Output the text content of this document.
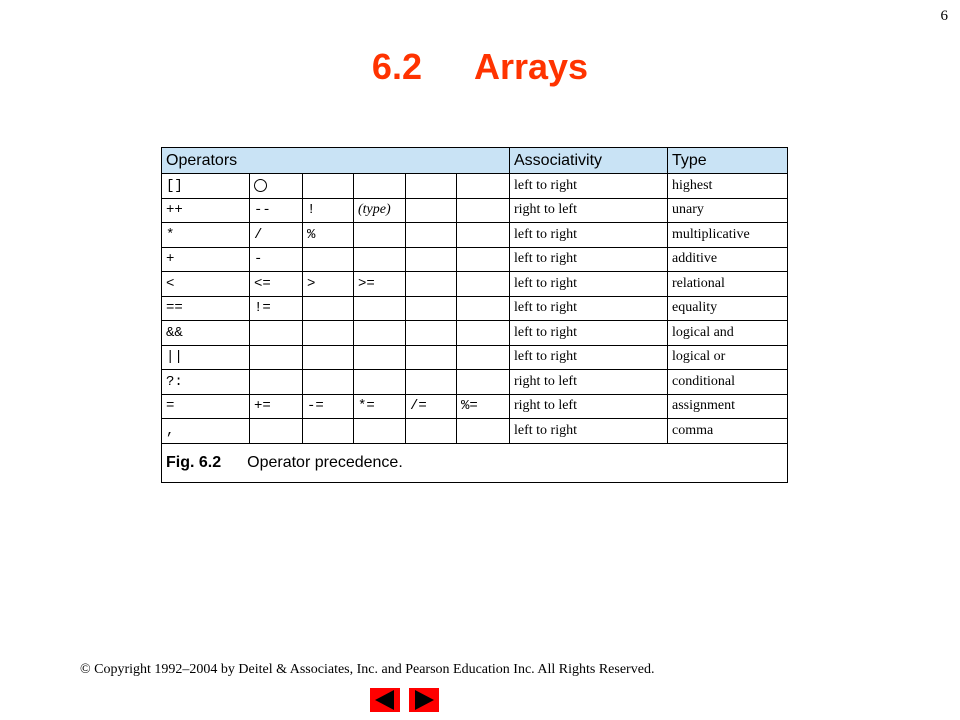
6
6.2 Arrays
Operators						Associativity	Type
[]						left to right	highest
++	--	!	(type)			right to left	unary
*	/	%				left to right	multiplicative
+	-					left to right	additive
<	<=	>	>=			left to right	relational
==	!=					left to right	equality
&&						left to right	logical and
||						left to right	logical or
?:						right to left	conditional
=	+=	-=	*=	/=	%=	right to left	assignment
,						left to right	comma
Fig. 6.2 Operator precedence.							
© Copyright 1992–2004 by Deitel & Associates, Inc. and Pearson Education Inc. All Rights Reserved.
